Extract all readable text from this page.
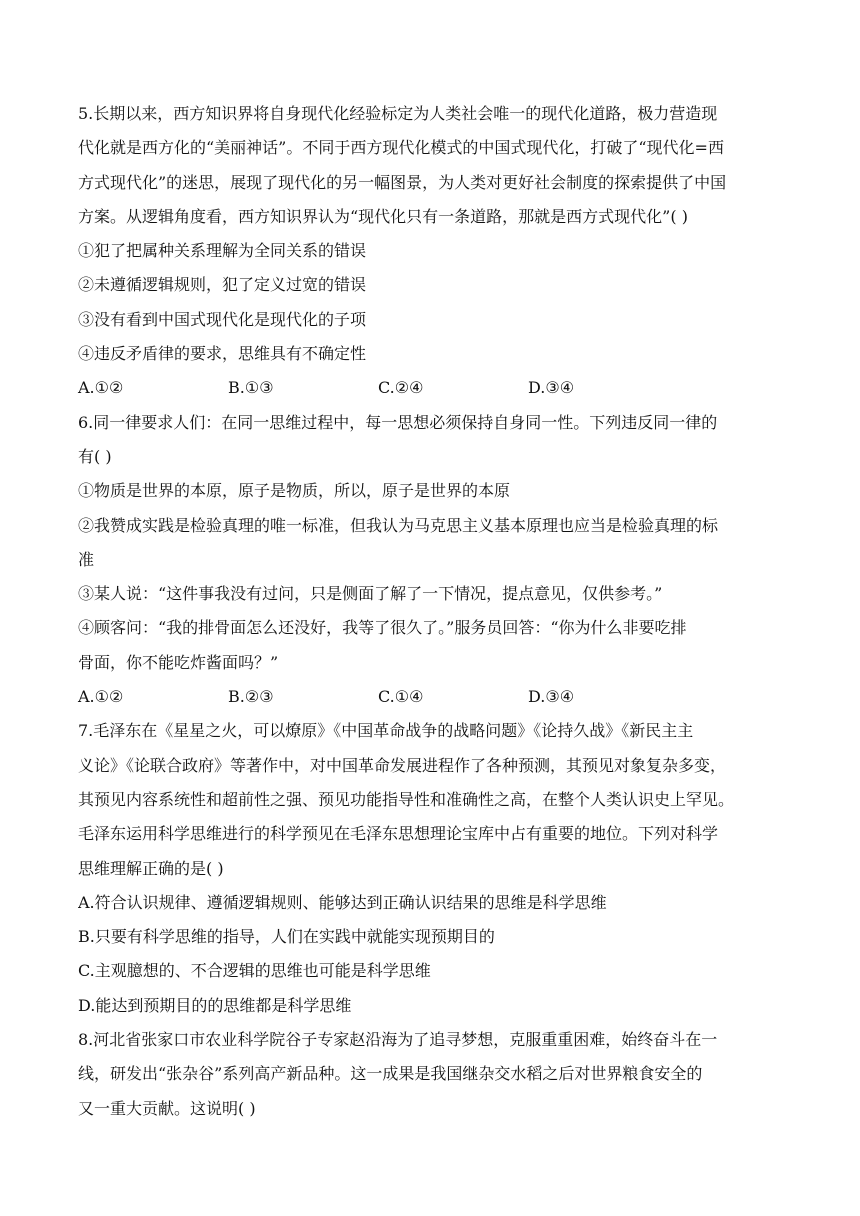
5.长期以来，西方知识界将自身现代化经验标定为人类社会唯一的现代化道路，极力营造现
代化就是西方化的“美丽神话”。不同于西方现代化模式的中国式现代化，打破了“现代化=西
方式现代化”的迷思，展现了现代化的另一幅图景，为人类对更好社会制度的探索提供了中国
方案。从逻辑角度看，西方知识界认为“现代化只有一条道路，那就是西方式现代化”( )
①犯了把属种关系理解为全同关系的错误
②未遵循逻辑规则，犯了定义过宽的错误
③没有看到中国式现代化是现代化的子项
④违反矛盾律的要求，思维具有不确定性
A.①②	B.①③	C.②④	D.③④
6.同一律要求人们：在同一思维过程中，每一思想必须保持自身同一性。下列违反同一律的
有( )
①物质是世界的本原，原子是物质，所以，原子是世界的本原
②我赞成实践是检验真理的唯一标准，但我认为马克思主义基本原理也应当是检验真理的标
准
③某人说：“这件事我没有过问，只是侧面了解了一下情况，提点意见，仅供参考。”
④顾客问：“我的排骨面怎么还没好，我等了很久了。”服务员回答：“你为什么非要吃排
骨面，你不能吃炸酱面吗？”
A.①②	B.②③	C.①④	D.③④
7.毛泽东在《星星之火，可以燎原》《中国革命战争的战略问题》《论持久战》《新民主主
义论》《论联合政府》等著作中，对中国革命发展进程作了各种预测，其预见对象复杂多变，
其预见内容系统性和超前性之强、预见功能指导性和准确性之高，在整个人类认识史上罕见。
毛泽东运用科学思维进行的科学预见在毛泽东思想理论宝库中占有重要的地位。下列对科学
思维理解正确的是( )
A.符合认识规律、遵循逻辑规则、能够达到正确认识结果的思维是科学思维
B.只要有科学思维的指导，人们在实践中就能实现预期目的
C.主观臆想的、不合逻辑的思维也可能是科学思维
D.能达到预期目的的思维都是科学思维
8.河北省张家口市农业科学院谷子专家赵沿海为了追寻梦想，克服重重困难，始终奋斗在一
线，研发出“张杂谷”系列高产新品种。这一成果是我国继杂交水稻之后对世界粮食安全的
又一重大贡献。这说明( )
